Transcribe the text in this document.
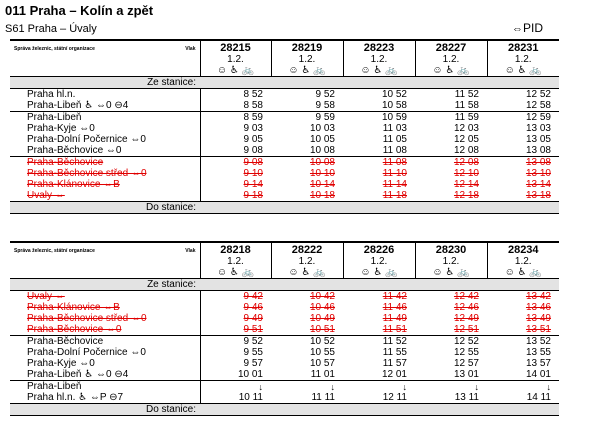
011 Praha – Kolín a zpět
S61 Praha – Úvaly	⇔PID
Správa železnic, státní organizace Vlak	28215	28219	28223	28227	28231
	1.2.	1.2.	1.2.	1.2.	1.2.
	☺ ♿ 🚲	☺ ♿ 🚲	☺ ♿ 🚲	☺ ♿ 🚲	☺ ♿ 🚲
Ze stanice:					
Praha hl.n.	8 52	9 52	10 52	11 52	12 52
Praha-Libeň ♿ ⇔0 ⊖4	8 58	9 58	10 58	11 58	12 58
Praha-Libeň	8 59	9 59	10 59	11 59	12 59
Praha-Kyje ⇔0	9 03	10 03	11 03	12 03	13 03
Praha-Dolní Počernice ⇔0	9 05	10 05	11 05	12 05	13 05
Praha-Běchovice ⇔0	9 08	10 08	11 08	12 08	13 08
Praha-Běchovice	9 08	10 08	11 08	12 08	13 08
Praha-Běchovice střed ⇔0	9 10	10 10	11 10	12 10	13 10
Praha-Klánovice ⇔B	9 14	10 14	11 14	12 14	13 14
Úvaly ⇔	9 18	10 18	11 18	12 18	13 18
Do stanice:					
Správa železnic, státní organizace Vlak	28218	28222	28226	28230	28234
	1.2.	1.2.	1.2.	1.2.	1.2.
	☺ ♿ 🚲	☺ ♿ 🚲	☺ ♿ 🚲	☺ ♿ 🚲	☺ ♿ 🚲
Ze stanice:					
Úvaly ⇔	9 42	10 42	11 42	12 42	13 42
Praha-Klánovice ⇔B	9 46	10 46	11 46	12 46	13 46
Praha-Běchovice střed ⇔0	9 49	10 49	11 49	12 49	13 49
Praha-Běchovice ⇔0	9 51	10 51	11 51	12 51	13 51
Praha-Běchovice	9 52	10 52	11 52	12 52	13 52
Praha-Dolní Počernice ⇔0	9 55	10 55	11 55	12 55	13 55
Praha-Kyje ⇔0	9 57	10 57	11 57	12 57	13 57
Praha-Libeň ♿ ⇔0 ⊖4	10 01	11 01	12 01	13 01	14 01
Praha-Libeň	↓	↓	↓	↓	↓
Praha hl.n. ♿ ⇔P ⊖7	10 11	11 11	12 11	13 11	14 11
Do stanice:					
